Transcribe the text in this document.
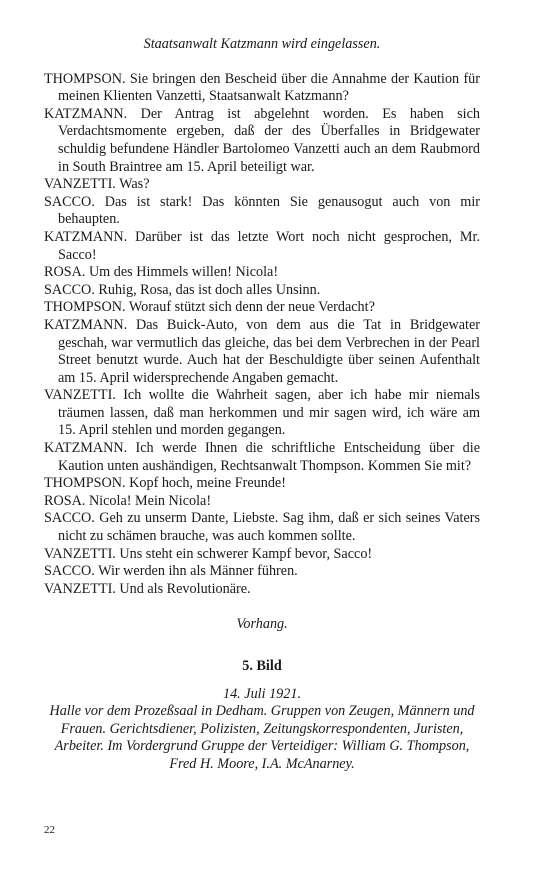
Staatsanwalt Katzmann wird eingelassen.

THOMPSON. Sie bringen den Bescheid über die Annahme der Kaution für meinen Klienten Vanzetti, Staatsanwalt Katzmann?

KATZMANN. Der Antrag ist abgelehnt worden. Es haben sich Verdachtsmomente ergeben, daß der des Überfalles in Bridgewater schuldig befundene Händler Bartolomeo Vanzetti auch an dem Raubmord in South Braintree am 15. April beteiligt war.

VANZETTI. Was?

SACCO. Das ist stark! Das könnten Sie genausogut auch von mir behaupten.

KATZMANN. Darüber ist das letzte Wort noch nicht gesprochen, Mr. Sacco!

ROSA. Um des Himmels willen! Nicola!

SACCO. Ruhig, Rosa, das ist doch alles Unsinn.

THOMPSON. Worauf stützt sich denn der neue Verdacht?

KATZMANN. Das Buick-Auto, von dem aus die Tat in Bridgewater geschah, war vermutlich das gleiche, das bei dem Verbrechen in der Pearl Street benutzt wurde. Auch hat der Beschuldigte über seinen Aufenthalt am 15. April widersprechende Angaben gemacht.

VANZETTI. Ich wollte die Wahrheit sagen, aber ich habe mir niemals träumen lassen, daß man herkommen und mir sagen wird, ich wäre am 15. April stehlen und morden gegangen.

KATZMANN. Ich werde Ihnen die schriftliche Entscheidung über die Kaution unten aushändigen, Rechtsanwalt Thompson. Kommen Sie mit?

THOMPSON. Kopf hoch, meine Freunde!

ROSA. Nicola! Mein Nicola!

SACCO. Geh zu unserm Dante, Liebste. Sag ihm, daß er sich seines Vaters nicht zu schämen brauche, was auch kommen sollte.

VANZETTI. Uns steht ein schwerer Kampf bevor, Sacco!

SACCO. Wir werden ihn als Männer führen.

VANZETTI. Und als Revolutionäre.

Vorhang.

5. Bild

14. Juli 1921.

Halle vor dem Prozeßsaal in Dedham. Gruppen von Zeugen, Männern und Frauen. Gerichtsdiener, Polizisten, Zeitungskorrespondenten, Juristen, Arbeiter. Im Vordergrund Gruppe der Verteidiger: William G. Thompson, Fred H. Moore, I.A. McAnarney.

22
